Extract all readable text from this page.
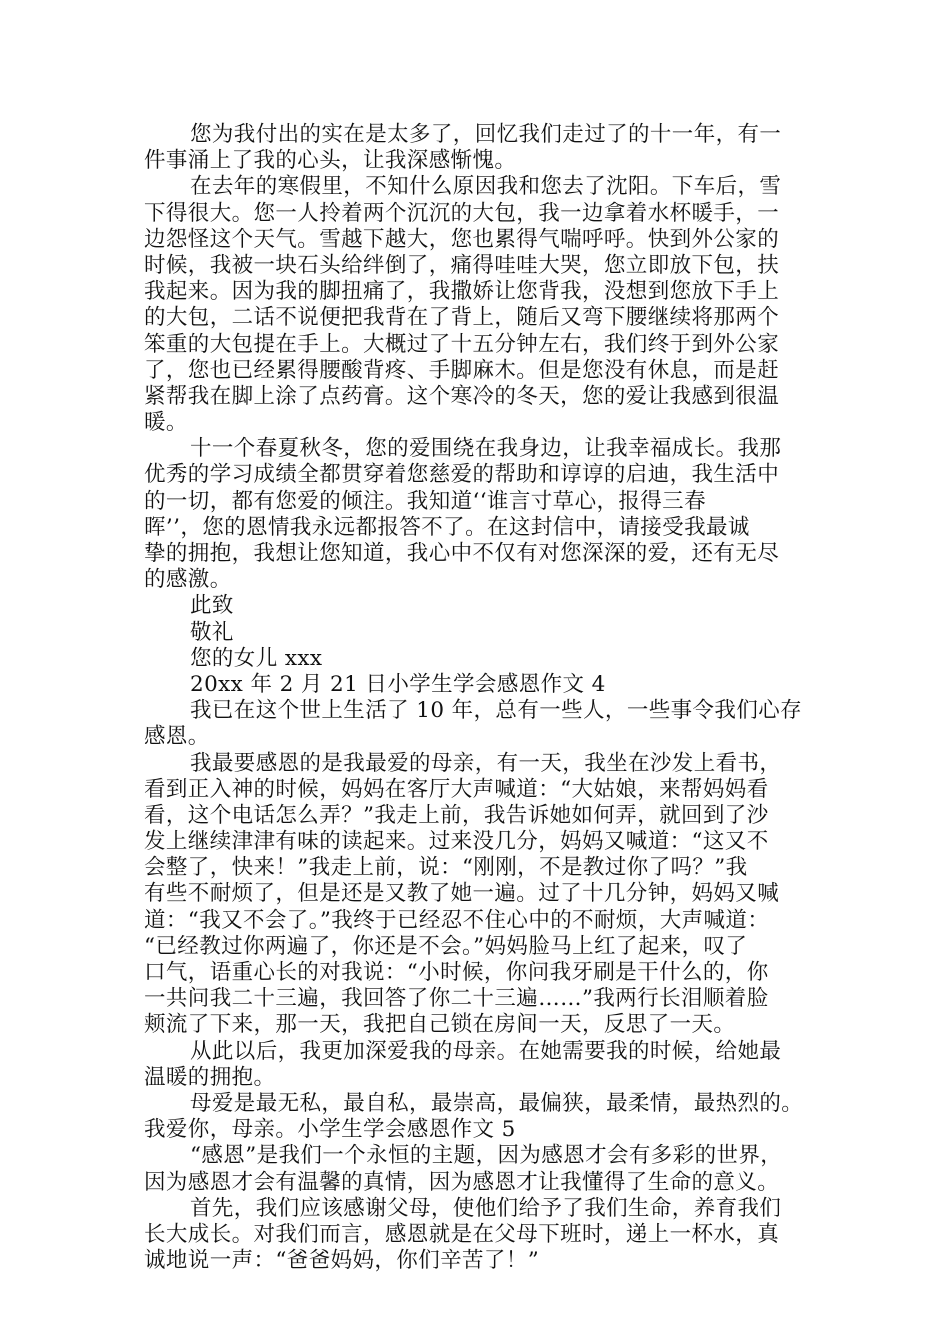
您为我付出的实在是太多了，回忆我们走过了的十一年，有一
件事涌上了我的心头，让我深感惭愧。
在去年的寒假里，不知什么原因我和您去了沈阳。下车后，雪
下得很大。您一人拎着两个沉沉的大包，我一边拿着水杯暖手，一
边怨怪这个天气。雪越下越大，您也累得气喘呼呼。快到外公家的
时候，我被一块石头给绊倒了，痛得哇哇大哭，您立即放下包，扶
我起来。因为我的脚扭痛了，我撒娇让您背我，没想到您放下手上
的大包，二话不说便把我背在了背上，随后又弯下腰继续将那两个
笨重的大包提在手上。大概过了十五分钟左右，我们终于到外公家
了，您也已经累得腰酸背疼、手脚麻木。但是您没有休息，而是赶
紧帮我在脚上涂了点药膏。这个寒冷的冬天，您的爱让我感到很温
暖。
十一个春夏秋冬，您的爱围绕在我身边，让我幸福成长。我那
优秀的学习成绩全都贯穿着您慈爱的帮助和谆谆的启迪，我生活中
的一切，都有您爱的倾注。我知道‘‘谁言寸草心，报得三春
晖’’，您的恩情我永远都报答不了。在这封信中，请接受我最诚
挚的拥抱，我想让您知道，我心中不仅有对您深深的爱，还有无尽
的感激。
此致
敬礼
您的女儿 xxx
20xx 年 2 月 21 日小学生学会感恩作文 4
我已在这个世上生活了 10 年，总有一些人，一些事令我们心存
感恩。
我最要感恩的是我最爱的母亲，有一天，我坐在沙发上看书，
看到正入神的时候，妈妈在客厅大声喊道：“大姑娘，来帮妈妈看
看，这个电话怎么弄？”我走上前，我告诉她如何弄，就回到了沙
发上继续津津有味的读起来。过来没几分，妈妈又喊道：“这又不
会整了，快来！”我走上前，说：“刚刚，不是教过你了吗？”我
有些不耐烦了，但是还是又教了她一遍。过了十几分钟，妈妈又喊
道：“我又不会了。”我终于已经忍不住心中的不耐烦，大声喊道：
“已经教过你两遍了，你还是不会。”妈妈脸马上红了起来，叹了
口气，语重心长的对我说：“小时候，你问我牙刷是干什么的，你
一共问我二十三遍，我回答了你二十三遍……”我两行长泪顺着脸
颊流了下来，那一天，我把自己锁在房间一天，反思了一天。
从此以后，我更加深爱我的母亲。在她需要我的时候，给她最
温暖的拥抱。
母爱是最无私，最自私，最崇高，最偏狭，最柔情，最热烈的。
我爱你，母亲。小学生学会感恩作文 5
“感恩”是我们一个永恒的主题，因为感恩才会有多彩的世界，
因为感恩才会有温馨的真情，因为感恩才让我懂得了生命的意义。
首先，我们应该感谢父母，使他们给予了我们生命，养育我们
长大成长。对我们而言，感恩就是在父母下班时，递上一杯水，真
诚地说一声：“爸爸妈妈，你们辛苦了！”
